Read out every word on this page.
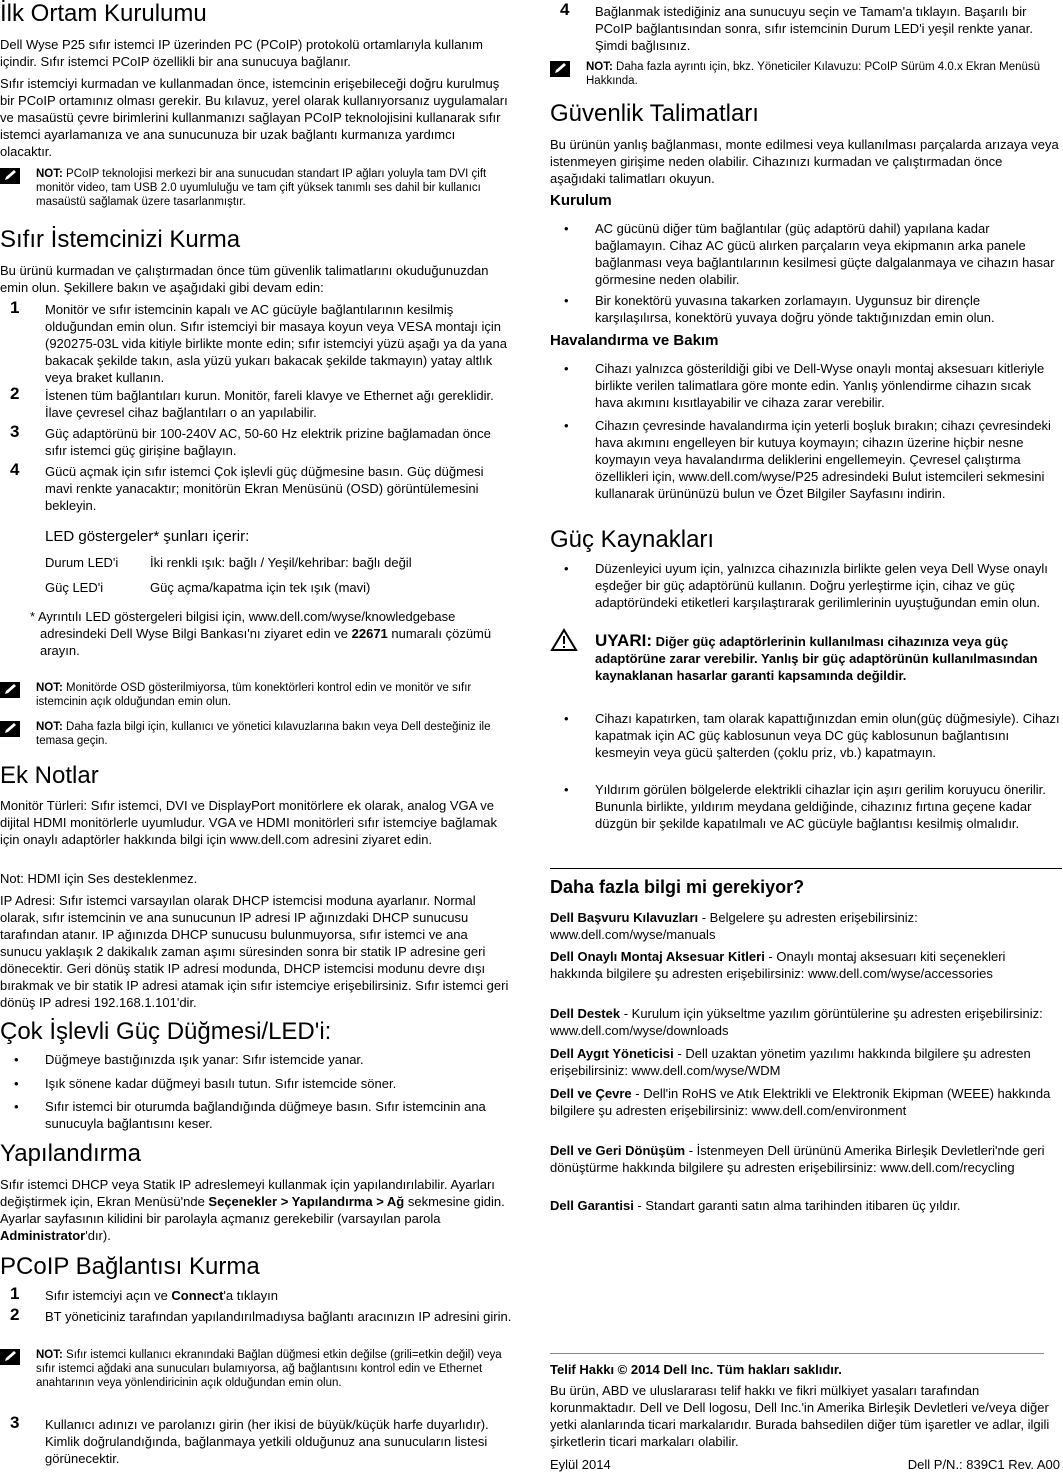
İlk Ortam Kurulumu

Dell Wyse P25 sıfır istemci IP üzerinden PC (PCoIP) protokolü ortamlarıyla kullanım içindir. Sıfır istemci PCoIP özellikli bir ana sunucuya bağlanır.

Sıfır istemciyi kurmadan ve kullanmadan önce, istemcinin erişebileceği doğru kurulmuş bir PCoIP ortamınız olması gerekir. Bu kılavuz, yerel olarak kullanıyorsanız uygulamaları ve masaüstü çevre birimlerini kullanmanızı sağlayan PCoIP teknolojisini kullanarak sıfır istemci ayarlamanıza ve ana sunucunuza bir uzak bağlantı kurmanıza yardımcı olacaktır.

NOT: PCoIP teknolojisi merkezi bir ana sunucudan standart IP ağları yoluyla tam DVI çift monitör video, tam USB 2.0 uyumluluğu ve tam çift yüksek tanımlı ses dahil bir kullanıcı masaüstü sağlamak üzere tasarlanmıştır.
Sıfır İstemcinizi Kurma

Bu ürünü kurmadan ve çalıştırmadan önce tüm güvenlik talimatlarını okuduğunuzdan emin olun. Şekillere bakın ve aşağıdaki gibi devam edin:

1 Monitör ve sıfır istemcinin kapalı ve AC gücüyle bağlantılarının kesilmiş olduğundan emin olun. Sıfır istemciyi bir masaya koyun veya VESA montajı için (920275-03L vida kitiyle birlikte monte edin; sıfır istemciyi yüzü aşağı ya da yana bakacak şekilde takın, asla yüzü yukarı bakacak şekilde takmayın) yatay altlık veya braket kullanın.
2 İstenen tüm bağlantıları kurun. Monitör, fareli klavye ve Ethernet ağı gereklidir. İlave çevresel cihaz bağlantıları o an yapılabilir.
3 Güç adaptörünü bir 100-240V AC, 50-60 Hz elektrik prizine bağlamadan önce sıfır istemci güç girişine bağlayın.
4 Gücü açmak için sıfır istemci Çok işlevli güç düğmesine basın. Güç düğmesi mavi renkte yanacaktır; monitörün Ekran Menüsünü (OSD) görüntülemesini bekleyin.
LED göstergeler* şunları içerir:
Durum LED'i İki renkli ışık: bağlı / Yeşil/kehribar: bağlı değil
Güç LED'i	Güç açma/kapatma için tek ışık (mavi)

* Ayrıntılı LED göstergeleri bilgisi için, www.dell.com/wyse/knowledgebase adresindeki Dell Wyse Bilgi Bankası'nı ziyaret edin ve 22671 numaralı çözümü arayın.

NOT: Monitörde OSD gösterilmiyorsa, tüm konektörleri kontrol edin ve monitör ve sıfır istemcinin açık olduğundan emin olun.
NOT: Daha fazla bilgi için, kullanıcı ve yönetici kılavuzlarına bakın veya Dell desteğiniz ile temasa geçin.
Ek Notlar

Monitör Türleri: Sıfır istemci, DVI ve DisplayPort monitörlere ek olarak, analog VGA ve dijital HDMI monitörlerle uyumludur. VGA ve HDMI monitörleri sıfır istemciye bağlamak için onaylı adaptörler hakkında bilgi için www.dell.com adresini ziyaret edin.

Not: HDMI için Ses desteklenmez.

IP Adresi: Sıfır istemci varsayılan olarak DHCP istemcisi moduna ayarlanır. Normal olarak, sıfır istemcinin ve ana sunucunun IP adresi IP ağınızdaki DHCP sunucusu tarafından atanır. IP ağınızda DHCP sunucusu bulunmuyorsa, sıfır istemci ve ana sunucu yaklaşık 2 dakikalık zaman aşımı süresinden sonra bir statik IP adresine geri dönecektir. Geri dönüş statik IP adresi modunda, DHCP istemcisi modunu devre dışı bırakmak ve bir statik IP adresi atamak için sıfır istemciye erişebilirsiniz. Sıfır istemci geri dönüş IP adresi 192.168.1.101'dir.

Çok İşlevli Güç Düğmesi/LED'i:
• Düğmeye bastığınızda ışık yanar: Sıfır istemcide yanar.
• Işık sönene kadar düğmeyi basılı tutun. Sıfır istemcide söner.
• Sıfır istemci bir oturumda bağlandığında düğmeye basın. Sıfır istemcinin ana sunucuyla bağlantısını keser.
Yapılandırma

Sıfır istemci DHCP veya Statik IP adreslemeyi kullanmak için yapılandırılabilir. Ayarları değiştirmek için, Ekran Menüsü'nde Seçenekler > Yapılandırma > Ağ sekmesine gidin. Ayarlar sayfasının kilidini bir parolayla açmanız gerekebilir (varsayılan parola Administrator'dır).

PCoIP Bağlantısı Kurma
1 Sıfır istemciyi açın ve Connect'a tıklayın
2 BT yöneticiniz tarafından yapılandırılmadıysa bağlantı aracınızın IP adresini girin.
NOT: Sıfır istemci kullanıcı ekranındaki Bağlan düğmesi etkin değilse (grili=etkin değil) veya sıfır istemci ağdaki ana sunucuları bulamıyorsa, ağ bağlantısını kontrol edin ve Ethernet anahtarının veya yönlendiricinin açık olduğundan emin olun.
3 Kullanıcı adınızı ve parolanızı girin (her ikisi de büyük/küçük harfe duyarlıdır). Kimlik doğrulandığında, bağlanmaya yetkili olduğunuz ana sunucuların listesi görünecektir.
4 Bağlanmak istediğiniz ana sunucuyu seçin ve Tamam'a tıklayın. Başarılı bir PCoIP bağlantısından sonra, sıfır istemcinin Durum LED'i yeşil renkte yanar. Şimdi bağlısınız.
NOT: Daha fazla ayrıntı için, bkz. Yöneticiler Kılavuzu: PCoIP Sürüm 4.0.x Ekran Menüsü Hakkında.
Güvenlik Talimatları

Bu ürünün yanlış bağlanması, monte edilmesi veya kullanılması parçalarda arızaya veya istenmeyen girişime neden olabilir. Cihazınızı kurmadan ve çalıştırmadan önce aşağıdaki talimatları okuyun.

Kurulum
• AC gücünü diğer tüm bağlantılar (güç adaptörü dahil) yapılana kadar bağlamayın. Cihaz AC gücü alırken parçaların veya ekipmanın arka panele bağlanması veya bağlantılarının kesilmesi güçte dalgalanmaya ve cihazın hasar görmesine neden olabilir.
• Bir konektörü yuvasına takarken zorlamayın. Uygunsuz bir dirençle karşılaşılırsa, konektörü yuvaya doğru yönde taktığınızdan emin olun.
Havalandırma ve Bakım
• Cihazı yalnızca gösterildiği gibi ve Dell-Wyse onaylı montaj aksesuarı kitleriyle birlikte verilen talimatlara göre monte edin. Yanlış yönlendirme cihazın sıcak hava akımını kısıtlayabilir ve cihaza zarar verebilir.
• Cihazın çevresinde havalandırma için yeterli boşluk bırakın; cihazı çevresindeki hava akımını engelleyen bir kutuya koymayın; cihazın üzerine hiçbir nesne koymayın veya havalandırma deliklerini engellemeyin. Çevresel çalıştırma özellikleri için, www.dell.com/wyse/P25 adresindeki Bulut istemcileri sekmesini kullanarak ürününüzü bulun ve Özet Bilgiler Sayfasını indirin.
Güç Kaynakları
• Düzenleyici uyum için, yalnızca cihazınızla birlikte gelen veya Dell Wyse onaylı eşdeğer bir güç adaptörünü kullanın. Doğru yerleştirme için, cihaz ve güç adaptöründeki etiketleri karşılaştırarak gerilimlerinin uyuştuğundan emin olun.
UYARI: Diğer güç adaptörlerinin kullanılması cihazınıza veya güç adaptörüne zarar verebilir. Yanlış bir güç adaptörünün kullanılmasından kaynaklanan hasarlar garanti kapsamında değildir.
• Cihazı kapatırken, tam olarak kapattığınızdan emin olun(güç düğmesiyle). Cihazı kapatmak için AC güç kablosunun veya DC güç kablosunun bağlantısını kesmeyin veya gücü şalterden (çoklu priz, vb.) kapatmayın.
• Yıldırım görülen bölgelerde elektrikli cihazlar için aşırı gerilim koruyucu önerilir. Bununla birlikte, yıldırım meydana geldiğinde, cihazınız fırtına geçene kadar düzgün bir şekilde kapatılmalı ve AC gücüyle bağlantısı kesilmiş olmalıdır.
Daha fazla bilgi mi gerekiyor?

Dell Başvuru Kılavuzları - Belgelere şu adresten erişebilirsiniz: www.dell.com/wyse/manuals

Dell Onaylı Montaj Aksesuar Kitleri - Onaylı montaj aksesuarı kiti seçenekleri hakkında bilgilere şu adresten erişebilirsiniz: www.dell.com/wyse/accessories

Dell Destek - Kurulum için yükseltme yazılım görüntülerine şu adresten erişebilirsiniz: www.dell.com/wyse/downloads

Dell Aygıt Yöneticisi - Dell uzaktan yönetim yazılımı hakkında bilgilere şu adresten erişebilirsiniz: www.dell.com/wyse/WDM

Dell ve Çevre - Dell'in RoHS ve Atık Elektrikli ve Elektronik Ekipman (WEEE) hakkında bilgilere şu adresten erişebilirsiniz: www.dell.com/environment

Dell ve Geri Dönüşüm - İstenmeyen Dell ürününü Amerika Birleşik Devletleri'nde geri dönüştürme hakkında bilgilere şu adresten erişebilirsiniz: www.dell.com/recycling

Dell Garantisi - Standart garanti satın alma tarihinden itibaren üç yıldır.

Telif Hakkı © 2014 Dell Inc. Tüm hakları saklıdır.

Bu ürün, ABD ve uluslararası telif hakkı ve fikri mülkiyet yasaları tarafından korunmaktadır. Dell ve Dell logosu, Dell Inc.'in Amerika Birleşik Devletleri ve/veya diğer yetki alanlarında ticari markalarıdır. Burada bahsedilen diğer tüm işaretler ve adlar, ilgili şirketlerin ticari markaları olabilir.

Eylül 2014	Dell P/N.: 839C1 Rev. A00
